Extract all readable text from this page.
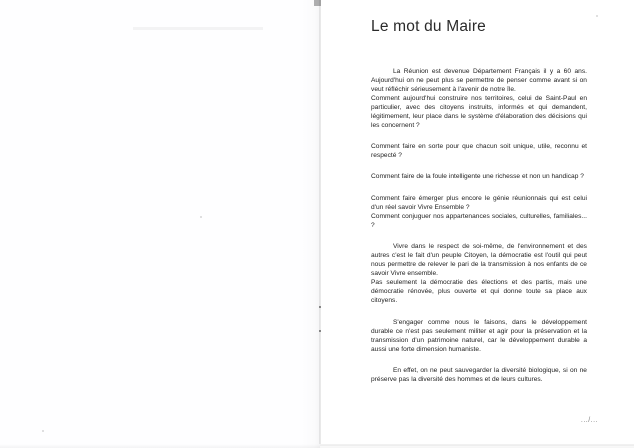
Le mot du Maire

La Réunion est devenue Département Français il y a 60 ans. Aujourd'hui on ne peut plus se permettre de penser comme avant si on veut réfléchir sérieusement à l'avenir de notre île.

Comment aujourd'hui construire nos territoires, celui de Saint-Paul en particulier, avec des citoyens instruits, informés et qui demandent, légitimement, leur place dans le système d'élaboration des décisions qui les concernent ?

Comment faire en sorte pour que chacun soit unique, utile, reconnu et respecté ?

Comment faire de la foule intelligente une richesse et non un handicap ?

Comment faire émerger plus encore le génie réunionnais qui est celui d'un réel savoir Vivre Ensemble ?

Comment conjuguer nos appartenances sociales, culturelles, familiales... ?

Vivre dans le respect de soi-même, de l'environnement et des autres c'est le fait d'un peuple Citoyen, la démocratie est l'outil qui peut nous permettre de relever le pari de la transmission à nos enfants de ce savoir Vivre ensemble.

Pas seulement la démocratie des élections et des partis, mais une démocratie rénovée, plus ouverte et qui donne toute sa place aux citoyens.

S'engager comme nous le faisons, dans le développement durable ce n'est pas seulement militer et agir pour la préservation et la transmission d'un patrimoine naturel, car le développement durable a aussi une forte dimension humaniste.

En effet, on ne peut sauvegarder la diversité biologique, si on ne préserve pas la diversité des hommes et de leurs cultures.

.../...
